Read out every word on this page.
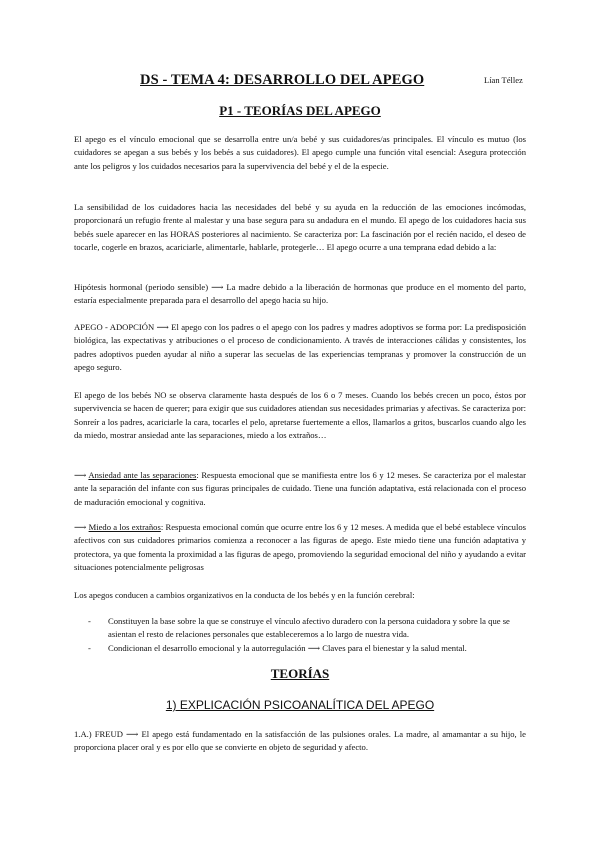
DS - TEMA 4: DESARROLLO DEL APEGO	Lían Téllez
P1 - TEORÍAS DEL APEGO

El apego es el vínculo emocional que se desarrolla entre un/a bebé y sus cuidadores/as principales. El vínculo es mutuo (los cuidadores se apegan a sus bebés y los bebés a sus cuidadores). El apego cumple una función vital esencial: Asegura protección ante los peligros y los cuidados necesarios para la supervivencia del bebé y el de la especie.

La sensibilidad de los cuidadores hacia las necesidades del bebé y su ayuda en la reducción de las emociones incómodas, proporcionará un refugio frente al malestar y una base segura para su andadura en el mundo. El apego de los cuidadores hacia sus bebés suele aparecer en las HORAS posteriores al nacimiento. Se caracteriza por: La fascinación por el recién nacido, el deseo de tocarle, cogerle en brazos, acariciarle, alimentarle, hablarle, protegerle… El apego ocurre a una temprana edad debido a la:

Hipótesis hormonal (periodo sensible) ⟶ La madre debido a la liberación de hormonas que produce en el momento del parto, estaría especialmente preparada para el desarrollo del apego hacia su hijo.

APEGO - ADOPCIÓN ⟶ El apego con los padres o el apego con los padres y madres adoptivos se forma por: La predisposición biológica, las expectativas y atribuciones o el proceso de condicionamiento. A través de interacciones cálidas y consistentes, los padres adoptivos pueden ayudar al niño a superar las secuelas de las experiencias tempranas y promover la construcción de un apego seguro.

El apego de los bebés NO se observa claramente hasta después de los 6 o 7 meses. Cuando los bebés crecen un poco, éstos por supervivencia se hacen de querer; para exigir que sus cuidadores atiendan sus necesidades primarias y afectivas. Se caracteriza por: Sonreír a los padres, acariciarle la cara, tocarles el pelo, apretarse fuertemente a ellos, llamarlos a gritos, buscarlos cuando algo les da miedo, mostrar ansiedad ante las separaciones, miedo a los extraños…

⟶ Ansiedad ante las separaciones: Respuesta emocional que se manifiesta entre los 6 y 12 meses. Se caracteriza por el malestar ante la separación del infante con sus figuras principales de cuidado. Tiene una función adaptativa, está relacionada con el proceso de maduración emocional y cognitiva.

⟶ Miedo a los extraños: Respuesta emocional común que ocurre entre los 6 y 12 meses. A medida que el bebé establece vínculos afectivos con sus cuidadores primarios comienza a reconocer a las figuras de apego. Este miedo tiene una función adaptativa y protectora, ya que fomenta la proximidad a las figuras de apego, promoviendo la seguridad emocional del niño y ayudando a evitar situaciones potencialmente peligrosas

Los apegos conducen a cambios organizativos en la conducta de los bebés y en la función cerebral:

- Constituyen la base sobre la que se construye el vínculo afectivo duradero con la persona cuidadora y sobre la que se asientan el resto de relaciones personales que estableceremos a lo largo de nuestra vida.
- Condicionan el desarrollo emocional y la autorregulación ⟶ Claves para el bienestar y la salud mental.
TEORÍAS
1) EXPLICACIÓN PSICOANALÍTICA DEL APEGO

1.A.) FREUD ⟶ El apego está fundamentado en la satisfacción de las pulsiones orales. La madre, al amamantar a su hijo, le proporciona placer oral y es por ello que se convierte en objeto de seguridad y afecto.
